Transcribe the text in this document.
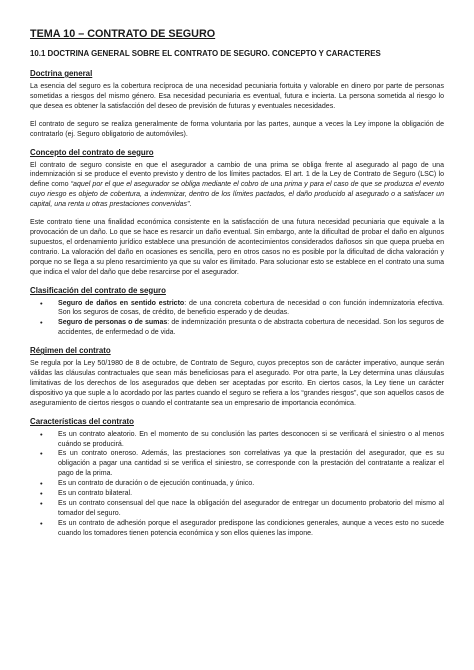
TEMA 10 – CONTRATO DE SEGURO
10.1 DOCTRINA GENERAL SOBRE EL CONTRATO DE SEGURO. CONCEPTO Y CARACTERES
Doctrina general

La esencia del seguro es la cobertura recíproca de una necesidad pecuniaria fortuita y valorable en dinero por parte de personas sometidas a riesgos del mismo género. Esa necesidad pecuniaria es eventual, futura e incierta. La persona sometida al riesgo lo que desea es obtener la satisfacción del deseo de previsión de futuras y eventuales necesidades.

El contrato de seguro se realiza generalmente de forma voluntaria por las partes, aunque a veces la Ley impone la obligación de contratarlo (ej. Seguro obligatorio de automóviles).

Concepto del contrato de seguro

El contrato de seguro consiste en que el asegurador a cambio de una prima se obliga frente al asegurado al pago de una indemnización si se produce el evento previsto y dentro de los límites pactados. El art. 1 de la Ley de Contrato de Seguro (LSC) lo define como “aquel por el que el asegurador se obliga mediante el cobro de una prima y para el caso de que se produzca el evento cuyo riesgo es objeto de cobertura, a indemnizar, dentro de los límites pactados, el daño producido al asegurado o a satisfacer un capital, una renta u otras prestaciones convenidas”.

Este contrato tiene una finalidad económica consistente en la satisfacción de una futura necesidad pecuniaria que equivale a la provocación de un daño. Lo que se hace es resarcir un daño eventual. Sin embargo, ante la dificultad de probar el daño en algunos supuestos, el ordenamiento jurídico establece una presunción de acontecimientos considerados dañosos sin que quepa prueba en contrario. La valoración del daño en ocasiones es sencilla, pero en otros casos no es posible por la dificultad de dicha valoración y porque no se llega a su pleno resarcimiento ya que su valor es ilimitado. Para solucionar esto se establece en el contrato una suma que indica el valor del daño que debe resarcirse por el asegurador.

Clasificación del contrato de seguro
• Seguro de daños en sentido estricto: de una concreta cobertura de necesidad o con función indemnizatoria efectiva. Son los seguros de cosas, de crédito, de beneficio esperado y de deudas.
• Seguro de personas o de sumas: de indemnización presunta o de abstracta cobertura de necesidad. Son los seguros de accidentes, de enfermedad o de vida.
Régimen del contrato

Se regula por la Ley 50/1980 de 8 de octubre, de Contrato de Seguro, cuyos preceptos son de carácter imperativo, aunque serán válidas las cláusulas contractuales que sean más beneficiosas para el asegurado. Por otra parte, la Ley determina unas cláusulas limitativas de los derechos de los asegurados que deben ser aceptadas por escrito. En ciertos casos, la Ley tiene un carácter dispositivo ya que suple a lo acordado por las partes cuando el seguro se refiera a los “grandes riesgos”, que son aquellos casos de aseguramiento de ciertos riesgos o cuando el contratante sea un empresario de importancia económica.

Características del contrato
• Es un contrato aleatorio. En el momento de su conclusión las partes desconocen si se verificará el siniestro o al menos cuándo se producirá.
• Es un contrato oneroso. Además, las prestaciones son correlativas ya que la prestación del asegurador, que es su obligación a pagar una cantidad si se verifica el siniestro, se corresponde con la prestación del contratante a realizar el pago de la prima.
• Es un contrato de duración o de ejecución continuada, y único.
• Es un contrato bilateral.
• Es un contrato consensual del que nace la obligación del asegurador de entregar un documento probatorio del mismo al tomador del seguro.
• Es un contrato de adhesión porque el asegurador predispone las condiciones generales, aunque a veces esto no sucede cuando los tomadores tienen potencia económica y son ellos quienes las impone.
